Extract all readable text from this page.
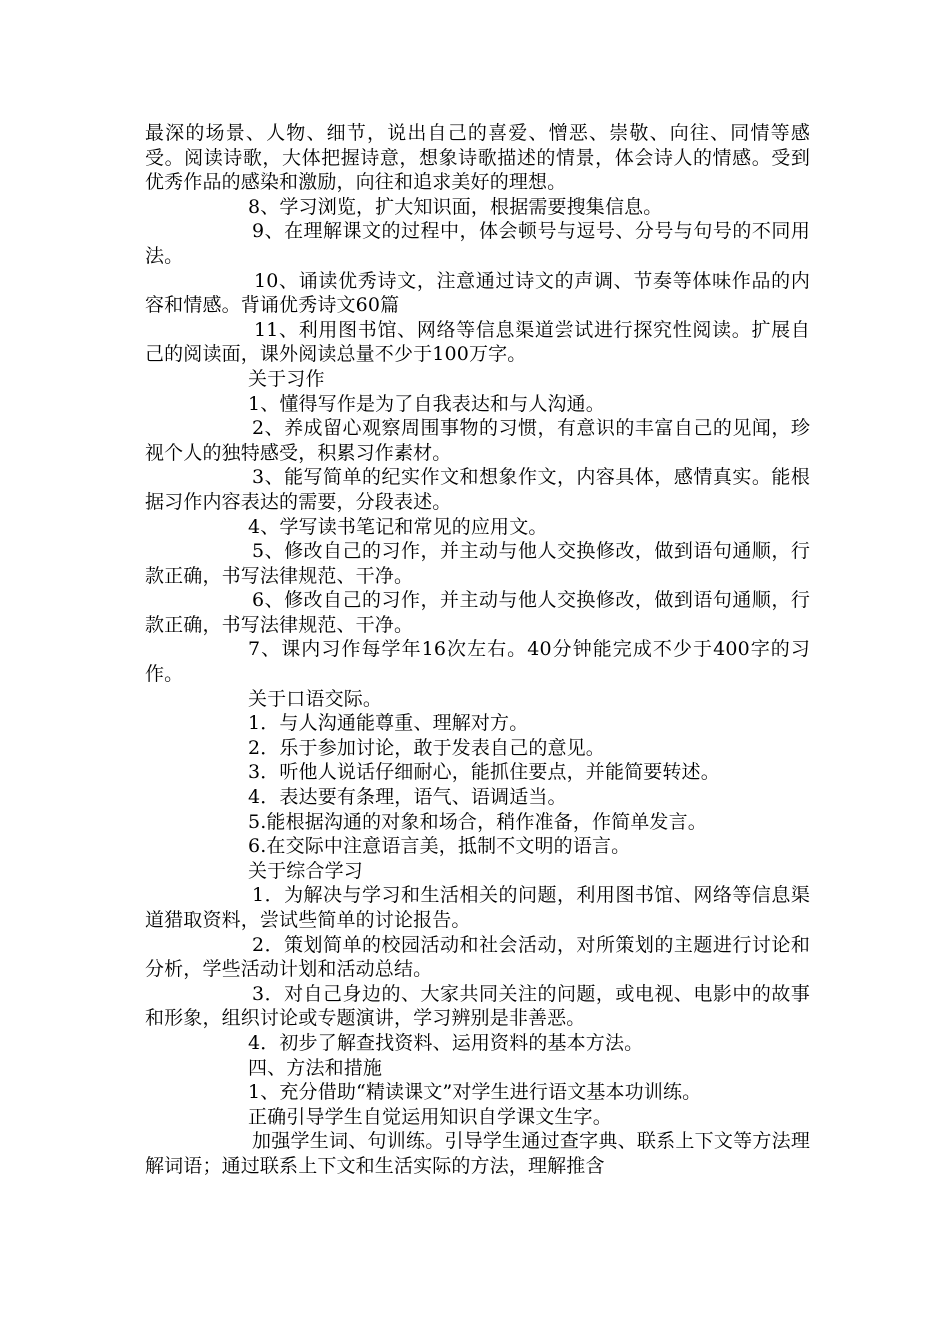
最深的场景、人物、细节，说出自己的喜爱、憎恶、崇敬、向往、同情等感受。阅读诗歌，大体把握诗意，想象诗歌描述的情景，体会诗人的情感。受到优秀作品的感染和激励，向往和追求美好的理想。

8、学习浏览，扩大知识面，根据需要搜集信息。

9、在理解课文的过程中，体会顿号与逗号、分号与句号的不同用法。

10、诵读优秀诗文，注意通过诗文的声调、节奏等体味作品的内容和情感。背诵优秀诗文60篇

11、利用图书馆、网络等信息渠道尝试进行探究性阅读。扩展自己的阅读面，课外阅读总量不少于100万字。

关于习作

1、懂得写作是为了自我表达和与人沟通。

2、养成留心观察周围事物的习惯，有意识的丰富自己的见闻，珍视个人的独特感受，积累习作素材。

3、能写简单的纪实作文和想象作文，内容具体，感情真实。能根据习作内容表达的需要，分段表述。

4、学写读书笔记和常见的应用文。

5、修改自己的习作，并主动与他人交换修改，做到语句通顺，行款正确，书写法律规范、干净。

6、修改自己的习作，并主动与他人交换修改，做到语句通顺，行款正确，书写法律规范、干净。

7、课内习作每学年16次左右。40分钟能完成不少于400字的习作。

关于口语交际。

1．与人沟通能尊重、理解对方。

2．乐于参加讨论，敢于发表自己的意见。

3．听他人说话仔细耐心，能抓住要点，并能简要转述。

4．表达要有条理，语气、语调适当。

5.能根据沟通的对象和场合，稍作准备，作简单发言。

6.在交际中注意语言美，抵制不文明的语言。

关于综合学习

1．为解决与学习和生活相关的问题，利用图书馆、网络等信息渠道猎取资料，尝试些简单的讨论报告。

2．策划简单的校园活动和社会活动，对所策划的主题进行讨论和分析，学些活动计划和活动总结。

3．对自己身边的、大家共同关注的问题，或电视、电影中的故事和形象，组织讨论或专题演讲，学习辨别是非善恶。

4．初步了解查找资料、运用资料的基本方法。

四、方法和措施

1、充分借助“精读课文”对学生进行语文基本功训练。

正确引导学生自觉运用知识自学课文生字。

加强学生词、句训练。引导学生通过查字典、联系上下文等方法理解词语；通过联系上下文和生活实际的方法，理解推含
